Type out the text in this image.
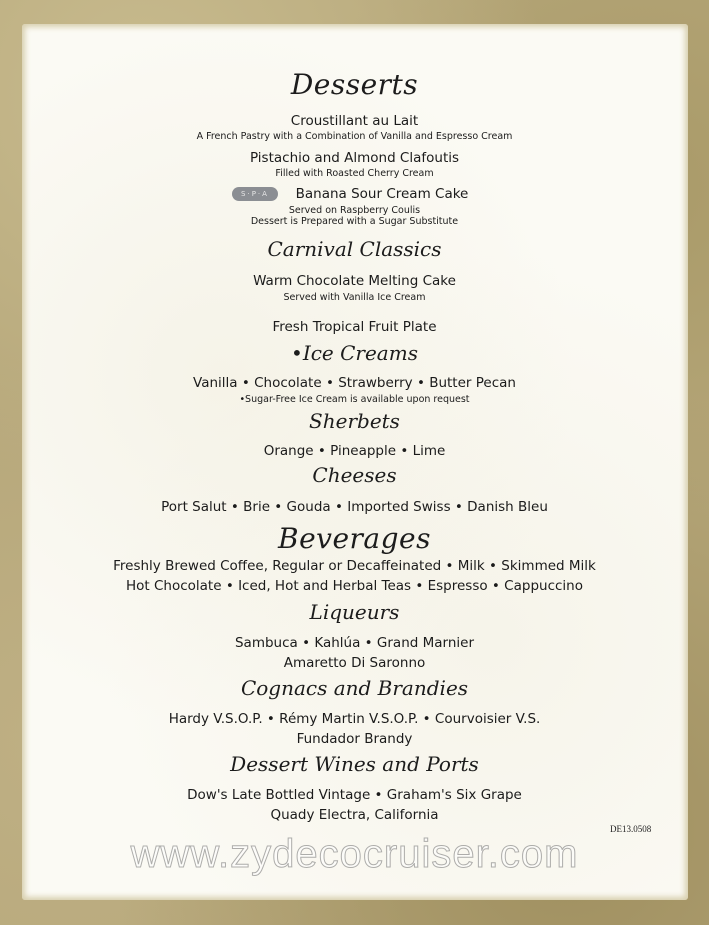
Desserts
Croustillant au Lait
A French Pastry with a Combination of Vanilla and Espresso Cream
Pistachio and Almond Clafoutis
Filled with Roasted Cherry Cream
S·P·A	Banana Sour Cream Cake
Served on Raspberry Coulis
Dessert is Prepared with a Sugar Substitute
Carnival Classics
Warm Chocolate Melting Cake
Served with Vanilla Ice Cream
Fresh Tropical Fruit Plate
•Ice Creams
Vanilla • Chocolate • Strawberry • Butter Pecan
•Sugar-Free Ice Cream is available upon request
Sherbets
Orange • Pineapple • Lime
Cheeses
Port Salut • Brie • Gouda • Imported Swiss • Danish Bleu
Beverages
Freshly Brewed Coffee, Regular or Decaffeinated • Milk • Skimmed Milk
Hot Chocolate • Iced, Hot and Herbal Teas • Espresso • Cappuccino
Liqueurs
Sambuca • Kahlúa • Grand Marnier
Amaretto Di Saronno
Cognacs and Brandies
Hardy V.S.O.P. • Rémy Martin V.S.O.P. • Courvoisier V.S.
Fundador Brandy
Dessert Wines and Ports
Dow's Late Bottled Vintage • Graham's Six Grape
Quady Electra, California
DE13.0508
www.zydecocruiser.com
